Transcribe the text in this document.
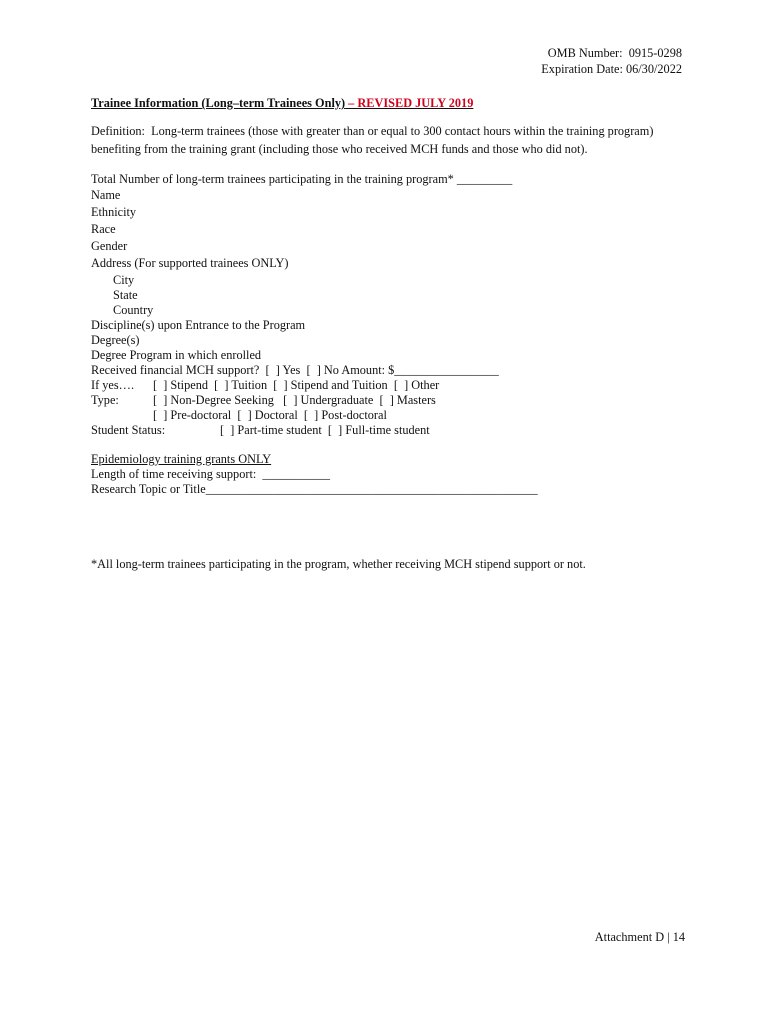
OMB Number:  0915-0298
Expiration Date: 06/30/2022
Trainee Information (Long–term Trainees Only) – REVISED JULY 2019
Definition:  Long-term trainees (those with greater than or equal to 300 contact hours within the training program)
benefiting from the training grant (including those who received MCH funds and those who did not).
Total Number of long-term trainees participating in the training program* _________
Name
Ethnicity
Race
Gender
Address (For supported trainees ONLY)
City
State
Country
Discipline(s) upon Entrance to the Program
Degree(s)
Degree Program in which enrolled
Received financial MCH support?  [  ] Yes  [  ] No Amount: $_________________
If yes…. [  ] Stipend  [  ] Tuition  [  ] Stipend and Tuition  [  ] Other
Type:	[  ] Non-Degree Seeking   [  ] Undergraduate  [  ] Masters
[  ] Pre-doctoral  [  ] Doctoral  [  ] Post-doctoral
Student Status:	[  ] Part-time student  [  ] Full-time student
Epidemiology training grants ONLY
Length of time receiving support:  ___________
Research Topic or Title______________________________________________________
*All long-term trainees participating in the program, whether receiving MCH stipend support or not.
Attachment D | 14
